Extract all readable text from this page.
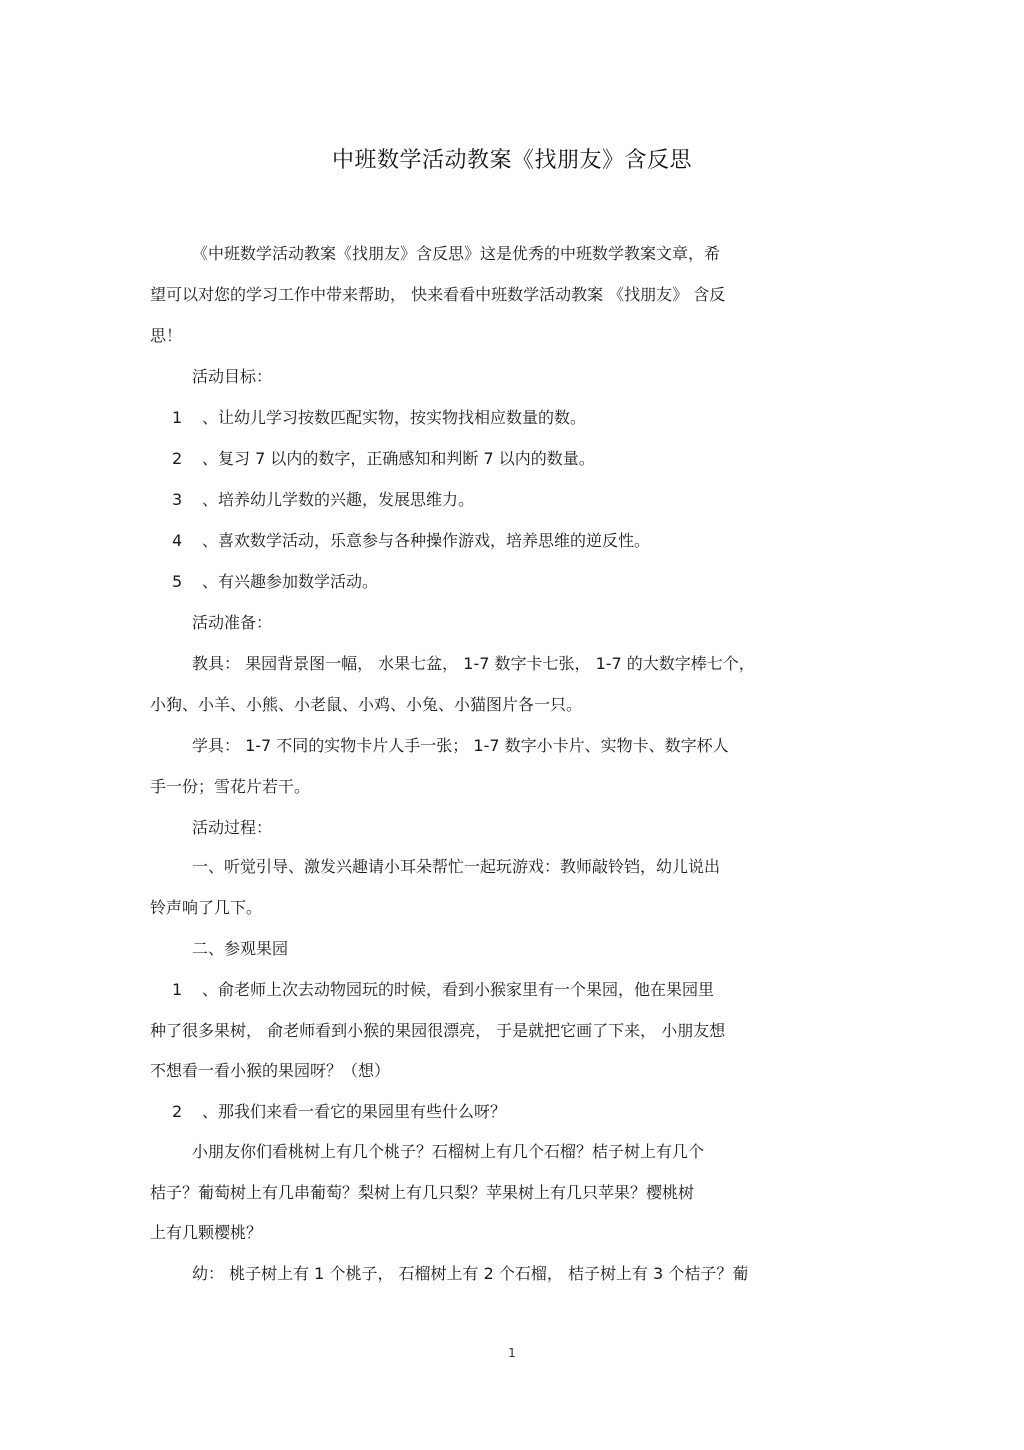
中班数学活动教案《找朋友》含反思
《中班数学活动教案《找朋友》含反思》这是优秀的中班数学教案文章，希
望可以对您的学习工作中带来帮助， 快来看看中班数学活动教案 《找朋友》 含反
思！
活动目标：
1 、让幼儿学习按数匹配实物，按实物找相应数量的数。
2 、复习 7 以内的数字，正确感知和判断 7 以内的数量。
3 、培养幼儿学数的兴趣，发展思维力。
4 、喜欢数学活动，乐意参与各种操作游戏，培养思维的逆反性。
5 、有兴趣参加数学活动。
活动准备：
教具： 果园背景图一幅， 水果七盆， 1-7 数字卡七张， 1-7 的大数字棒七个，
小狗、小羊、小熊、小老鼠、小鸡、小兔、小猫图片各一只。
学具： 1-7 不同的实物卡片人手一张； 1-7 数字小卡片、实物卡、数字杯人
手一份；雪花片若干。
活动过程：
一、听觉引导、激发兴趣请小耳朵帮忙一起玩游戏：教师敲铃铛，幼儿说出
铃声响了几下。
二、参观果园
1 、俞老师上次去动物园玩的时候，看到小猴家里有一个果园，他在果园里
种了很多果树， 俞老师看到小猴的果园很漂亮， 于是就把它画了下来， 小朋友想
不想看一看小猴的果园呀？（想）
2 、那我们来看一看它的果园里有些什么呀？
小朋友你们看桃树上有几个桃子？石榴树上有几个石榴？桔子树上有几个
桔子？葡萄树上有几串葡萄？梨树上有几只梨？苹果树上有几只苹果？樱桃树
上有几颗樱桃？
幼： 桃子树上有 1 个桃子， 石榴树上有 2 个石榴， 桔子树上有 3 个桔子？葡
1
